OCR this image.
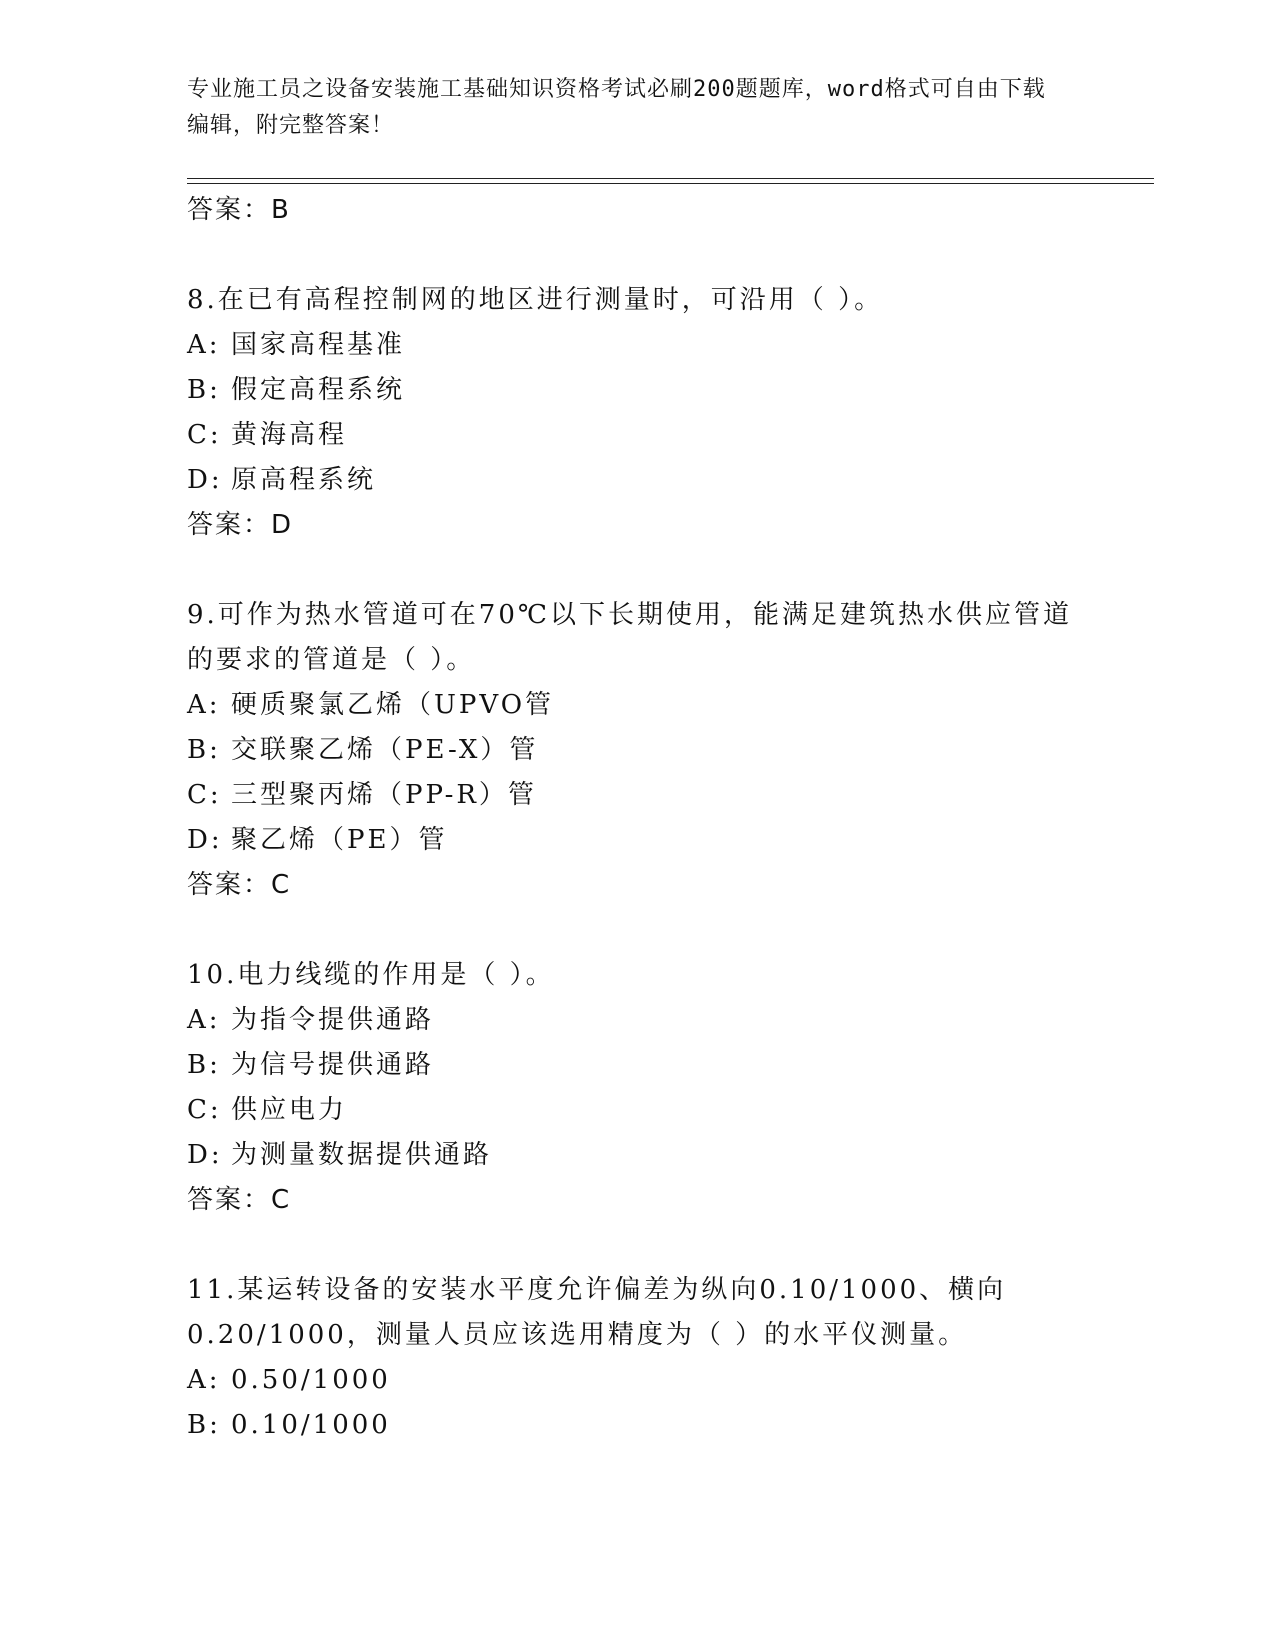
专业施工员之设备安装施工基础知识资格考试必刷200题题库，word格式可自由下载编辑，附完整答案！

答案：B

8.在已有高程控制网的地区进行测量时，可沿用（ ）。

A: 国家高程基准

B: 假定高程系统

C: 黄海高程

D: 原高程系统

答案：D

9.可作为热水管道可在70℃以下长期使用，能满足建筑热水供应管道的要求的管道是（ ）。

A: 硬质聚氯乙烯（UPVO管

B: 交联聚乙烯（PE-X）管

C: 三型聚丙烯（PP-R）管

D: 聚乙烯（PE）管

答案：C

10.电力线缆的作用是（ ）。

A: 为指令提供通路

B: 为信号提供通路

C: 供应电力

D: 为测量数据提供通路

答案：C

11.某运转设备的安装水平度允许偏差为纵向0.10/1000、横向0.20/1000，测量人员应该选用精度为（ ）的水平仪测量。

A: 0.50/1000

B: 0.10/1000
